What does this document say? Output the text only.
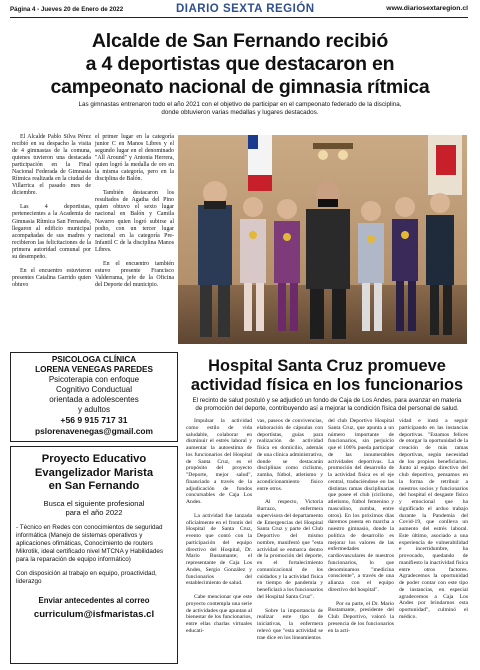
Página 4 - Jueves 20 de Enero de 2022	DIARIO SEXTA REGIÓN	www.diariosextaregion.cl
Alcalde de San Fernando recibió
a 4 deportistas que destacaron en
campeonato nacional de gimnasia rítmica
Las gimnastas entrenaron todo el año 2021 con el objetivo de participar en el campeonato federado de la disciplina,
donde obtuvieron varias medallas y lugares destacados.

El Alcalde Pablo Silva Pérez recibió en su despacho la visita de 4 gimnastas de la comuna, quienes tuvieron una destacada participación en la Final Nacional Federada de Gimnasia Rítmica realizada en la ciudad de Villarrica el pasado mes de diciembre.

Las 4 deportistas, pertenecientes a la Academia de Gimnasia Rítmica San Fernando, llegaron al edificio municipal acompañadas de sus madres y recibieron las felicitaciones de la primera autoridad comunal por su desempeño.

En el encuentro estuvieron presentes Catalina Garrido quien obtuvo

el primer lugar en la categoría junior C en Manos Libres y el segundo lugar en el denominado "All Around" y Antonia Herrera, quien logró la medalla de oro en la misma categoría, pero en la disciplina de Balón.

También destacaron los resultados de Agatha del Pino quien obtuvo el sexto lugar nacional en Balón y Camila Navarro quien logró subirse al podio, con un tercer lugar nacional en la categoría Pre-Infantil C de la disciplina Manos Libres.

En el encuentro también estuvo presente Francisco Valderrama, jefe de la Oficina del Deporte del municipio.

PSICOLOGA CLÍNICA
LORENA VENEGAS PAREDES
Psicoterapia con enfoque
Cognitivo Conductual
orientada a adolescentes
y adultos
+56 9 915 717 31
pslorenavenegas@gmail.com
Proyecto Educativo
Evangelizador Marista
en San Fernando
Busca el siguiente profesional
para el año 2022
- Técnico en Redes con conocimientos de seguridad informática (Manejo de sistemas operativos y aplicaciones ofimáticas, Conocimiento de routers Mikrotik, ideal certificado nivel MTCNA y Habilidades para la reparación de equipo informático)
Con disposición al trabajo en equipo, proactividad, liderazgo
Enviar antecedentes al correo
curriculum@isfmaristas.cl
Hospital Santa Cruz promueve
actividad física en los funcionarios
El recinto de salud postuló y se adjudicó un fondo de Caja de Los Andes, para avanzar en materia
de promoción del deporte, contribuyendo así a mejorar la condición física del personal de salud.

Impulsar la actividad como estilo de vida saludable, colaborar en disminuir el estrés laboral y aumentar la autoestima de los funcionarios del Hospital de Santa Cruz, es el propósito del proyecto "Deporte, mejor salud", financiado a través de la adjudicación de fondos concursables de Caja Los Andes.

La actividad fue lanzada oficialmente en el frontis del Hospital de Santa Cruz, evento que contó con la participación del equipo directivo del Hospital, Dr. Mario Bustamante; el representante de Caja Los Andes, Sergio González y funcionarios del establecimiento de salud.

Cabe mencionar que este proyecto contempla una serie de actividades que apuntan al bienestar de los funcionarios, entre ellas charlas virtuales educati-

vas, paseos de convivencias, elaboración de cápsulas con deportistas, guías para realización de actividad física en domicilio, además de una clínica administrativa, donde se destacarán disciplinas como ciclismo, zumba, fútbol, atletismo y acondicionamiento físico entre otros.

Al respecto, Victoria Barrazo, enfermera supervisora del departamento de Emergencias del Hospital Santa Cruz y parte del Club Deportivo del mismo nombre, manifestó que "esta actividad se enmarca dentro de la promoción del deporte, en el fortalecimiento comunicacional de los cuidados y la actividad física en tiempo de pandemia y beneficiará a los funcionarios del Hospital Santa Cruz".

Sobre la importancia de realizar este tipo de iniciativas, la enfermera relevó que "esta actividad se trae dice en los lineamientos

del club Deportivo Hospital Santa Cruz, que apunta a un número importante de funcionarios, sin perjuicio que el 100% pueda participar de las innumerables actividades deportivas. La promoción del desarrollo de la actividad física es el eje central, traduciéndose en las distintas ramas disciplinarias que posee el club (ciclismo, atletismo, fútbol femenino y masculino, zumba, entre otros). En los próximos días daremos puesta en marcha a nuestro gimnasio, donde la política de desarrollo es mejorar los valores de las enfermedades cardiovasculares de nuestros funcionarios, lo que denominamos "medicina consciente", a través de una alianza con el equipo directivo del hospital".

Por su parte, el Dr. Mario Bustamante, presidente del Club Deportivo, valoró la presencia de los funcionarios en la acti-

vidad e instó a seguir participando en las instancias deportivas. "Estamos felices de otorgar la oportunidad de la creación de más ramas deportivas, según necesidad de los propios beneficiarios. Junto al equipo directivo del club deportivo, pensamos en la forma de retribuir a nuestros socios y funcionarios del hospital el desgaste físico y emocional que ha significado el arduo trabajo durante la Pandemia del Covid-19, que conlleva un aumento del estrés laboral. Este último, asociado a una experiencia de vulnerabilidad e incertidumbre, ha provocado, quedando de manifiesto la inactividad física entre otros factores. Agradecemos la oportunidad de poder contar con este tipo de instancias, en especial agradecemos a Caja Los Andes por brindarnos esta oportunidad", culminó el médico.
